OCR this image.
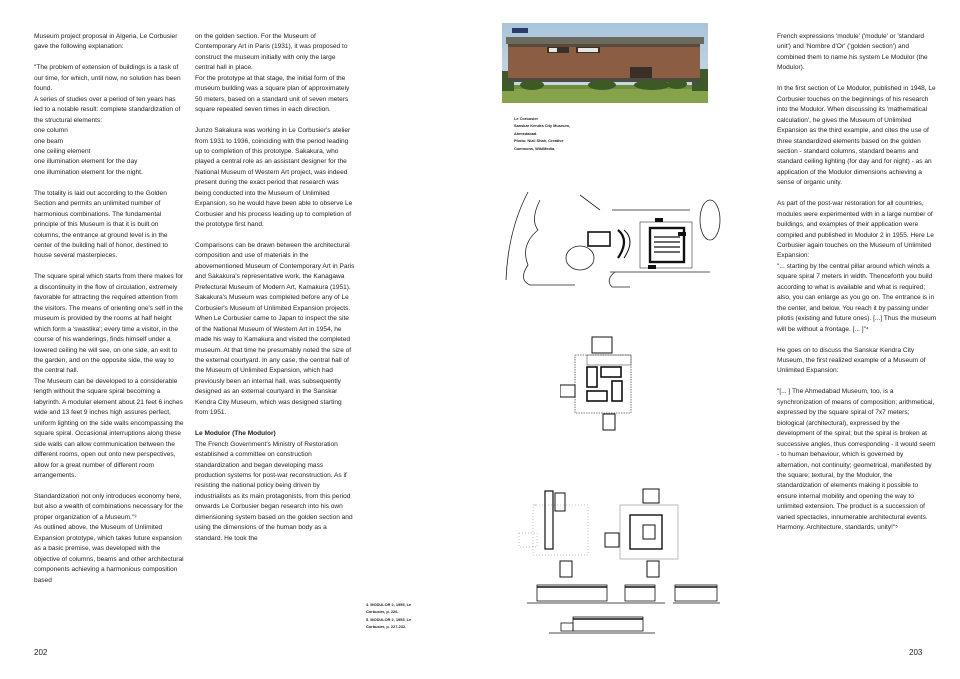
Museum project proposal in Algeria, Le Corbusier gave the following explanation:

"The problem of extension of buildings is a task of our time, for which, until now, no solution has been found.
A series of studies over a period of ten years has led to a notable result: complete standardization of the structural elements:
one column
one beam
one ceiling element
one illumination element for the day
one illumination element for the night.

The totality is laid out according to the Golden Section and permits an unlimited number of harmonious combinations. The fundamental principle of this Museum is that it is built on columns, the entrance at ground level is in the center of the building hall of honor, destined to house several masterpieces.

The square spiral which starts from there makes for a discontinuity in the flow of circulation, extremely favorable for attracting the required attention from the visitors. The means of orienting one's self in the museum is provided by the rooms at half height which form a 'swastika'; every time a visitor, in the course of his wanderings, finds himself under a lowered ceiling he will see, on one side, an exit to the garden, and on the opposite side, the way to the central hall.
The Museum can be developed to a considerable length without the square spiral becoming a labyrinth. A modular element about 21 feet 6 inches wide and 13 feet 9 inches high assures perfect, uniform lighting on the side walls encompassing the square spiral. Occasional interruptions along these side walls can allow communication between the different rooms, open out onto new perspectives, allow for a great number of different room arrangements.

Standardization not only introduces economy here, but also a wealth of combinations necessary for the proper organization of a Museum."³
As outlined above, the Museum of Unlimited Expansion prototype, which takes future expansion as a basic premise, was developed with the objective of columns, beams and other architectural components achieving a harmonious composition based

on the golden section. For the Museum of Contemporary Art in Paris (1931), it was proposed to construct the museum initially with only the large central hall in place.
For the prototype at that stage, the initial form of the museum building was a square plan of approximately 50 meters, based on a standard unit of seven meters square repeated seven times in each direction.

Junzo Sakakura was working in Le Corbusier's atelier from 1931 to 1936, coinciding with the period leading up to completion of this prototype. Sakakura, who played a central role as an assistant designer for the National Museum of Western Art project, was indeed present during the exact period that research was being conducted into the Museum of Unlimited Expansion, so he would have been able to observe Le Corbusier and his process leading up to completion of the prototype first hand.

Comparisons can be drawn between the architectural composition and use of materials in the abovementioned Museum of Contemporary Art in Paris and Sakakura's representative work, the Kanagawa Prefectural Museum of Modern Art, Kamakura (1951). Sakakura's Museum was completed before any of Le Corbusier's Museum of Unlimited Expansion projects. When Le Corbusier came to Japan to inspect the site of the National Museum of Western Art in 1954, he made his way to Kamakura and visited the completed museum. At that time he presumably noted the size of the external courtyard. In any case, the central hall of the Museum of Unlimited Expansion, which had previously been an internal hall, was subsequently designed as an external courtyard in the Sanskar Kendra City Museum, which was designed starting from 1951.

Le Modulor (The Modulor)

The French Government's Ministry of Restoration established a committee on construction standardization and began developing mass production systems for post-war reconstruction. As if resisting the national policy being driven by industrialists as its main protagonists, from this period onwards Le Corbusier began research into his own dimensioning system based on the golden section and using the dimensions of the human body as a standard. He took the

202
4. MODULOR 2, 1955, Le
Corbusier, p. 226.
5. MODULOR 2, 1955, Le
Corbusier, p. 227-232.
Le Corbusier
Sanskar Kendra City Museum,
Ahmedabad.
Photo: Nizil Shah, Creative
Commons, WikiMedia.

French expressions 'module' ('module' or 'standard unit') and 'Nombre d'Or' ('golden section') and combined them to name his system Le Modulor (the Modulor).

In the first section of Le Modulor, published in 1948, Le Corbusier touches on the beginnings of his research into the Modulor. When discussing its 'mathematical calculation', he gives the Museum of Unlimited Expansion as the third example, and cites the use of three standardized elements based on the golden section - standard columns, standard beams and standard ceiling lighting (for day and for night) - as an application of the Modulor dimensions achieving a sense of organic unity.

As part of the post-war restoration for all countries, modules were experimented with in a large number of buildings, and examples of their application were compiled and published in Modulor 2 in 1955. Here Le Corbusier again touches on the Museum of Unlimited Expansion:
"... starting by the central pillar around which winds a square spiral 7 meters in width. Thenceforth you build according to what is available and what is required; also, you can enlarge as you go on. The entrance is in the center, and below. You reach it by passing under pilotis (existing and future ones). [...] Thus the museum will be without a frontage. [... ]"⁴

He goes on to discuss the Sanskar Kendra City Museum, the first realized example of a Museum of Unlimited Expansion:

"[... ] The Ahmedabad Museum, too, is a synchronization of means of composition; arithmetical, expressed by the square spiral of 7x7 meters; biological (architectural), expressed by the development of the spiral; but the spiral is broken at successive angles, thus corresponding - it would seem - to human behaviour, which is governed by alternation, not continuity; geometrical, manifested by the square; textural, by the Modulor, the standardization of elements making it possible to ensure internal mobility and opening the way to unlimited extension. The product is a succession of varied spectacles, innumerable architectural events. Harmony. Architecture, standards, unity!"⁵

203
